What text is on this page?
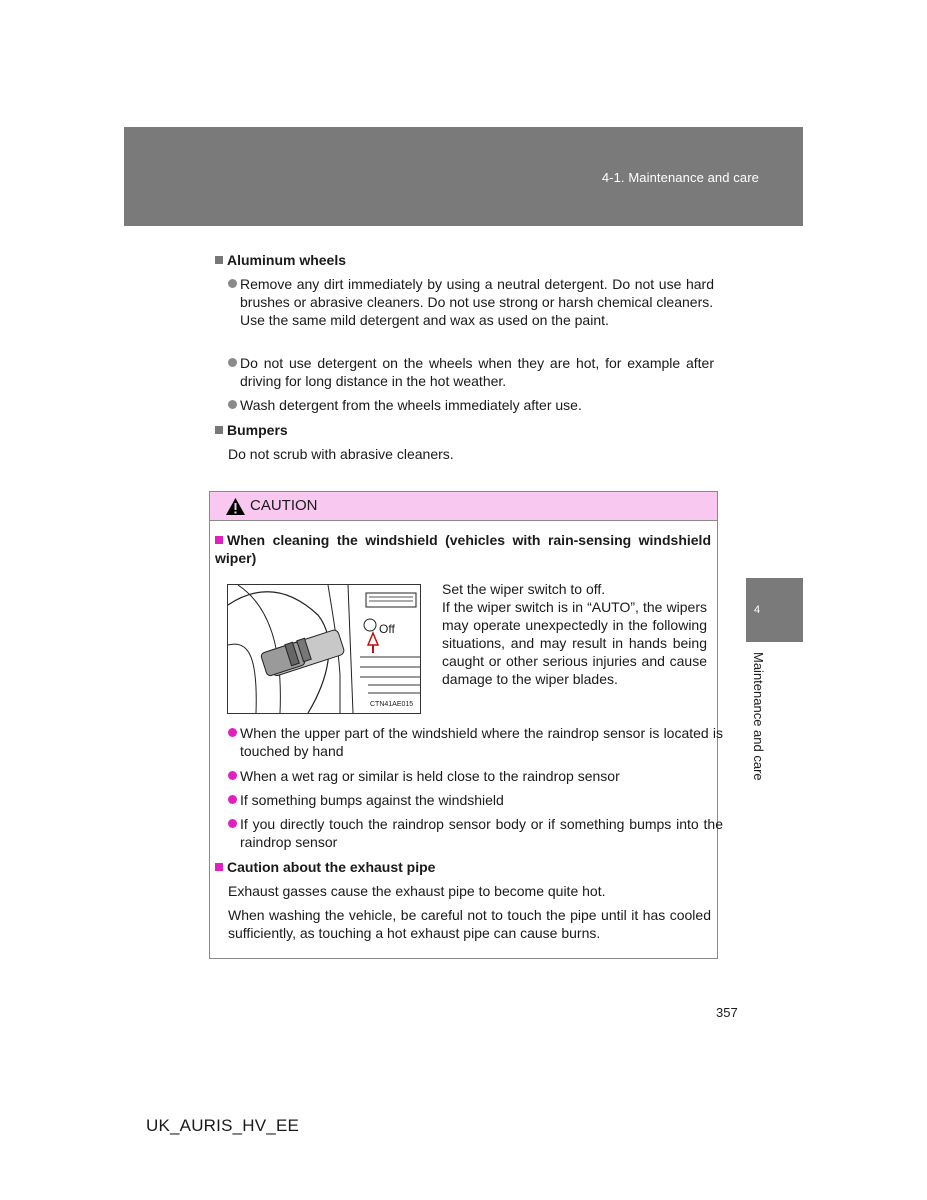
4-1. Maintenance and care
4
Maintenance and care

Aluminum wheels

Remove any dirt immediately by using a neutral detergent. Do not use hard brushes or abrasive cleaners. Do not use strong or harsh chemical cleaners.
Use the same mild detergent and wax as used on the paint.
Do not use detergent on the wheels when they are hot, for example after driving for long distance in the hot weather.
Wash detergent from the wheels immediately after use.

Bumpers

Do not scrub with abrasive cleaners.

CAUTION

When cleaning the windshield (vehicles with rain-sensing windshield wiper)

Off
CTN41AE015

Set the wiper switch to off.
If the wiper switch is in “AUTO”, the wipers may operate unexpectedly in the following situations, and may result in hands being caught or other serious injuries and cause damage to the wiper blades.

When the upper part of the windshield where the raindrop sensor is located is touched by hand
When a wet rag or similar is held close to the raindrop sensor
If something bumps against the windshield
If you directly touch the raindrop sensor body or if something bumps into the raindrop sensor

Caution about the exhaust pipe

Exhaust gasses cause the exhaust pipe to become quite hot.

When washing the vehicle, be careful not to touch the pipe until it has cooled sufficiently, as touching a hot exhaust pipe can cause burns.

357
UK_AURIS_HV_EE
